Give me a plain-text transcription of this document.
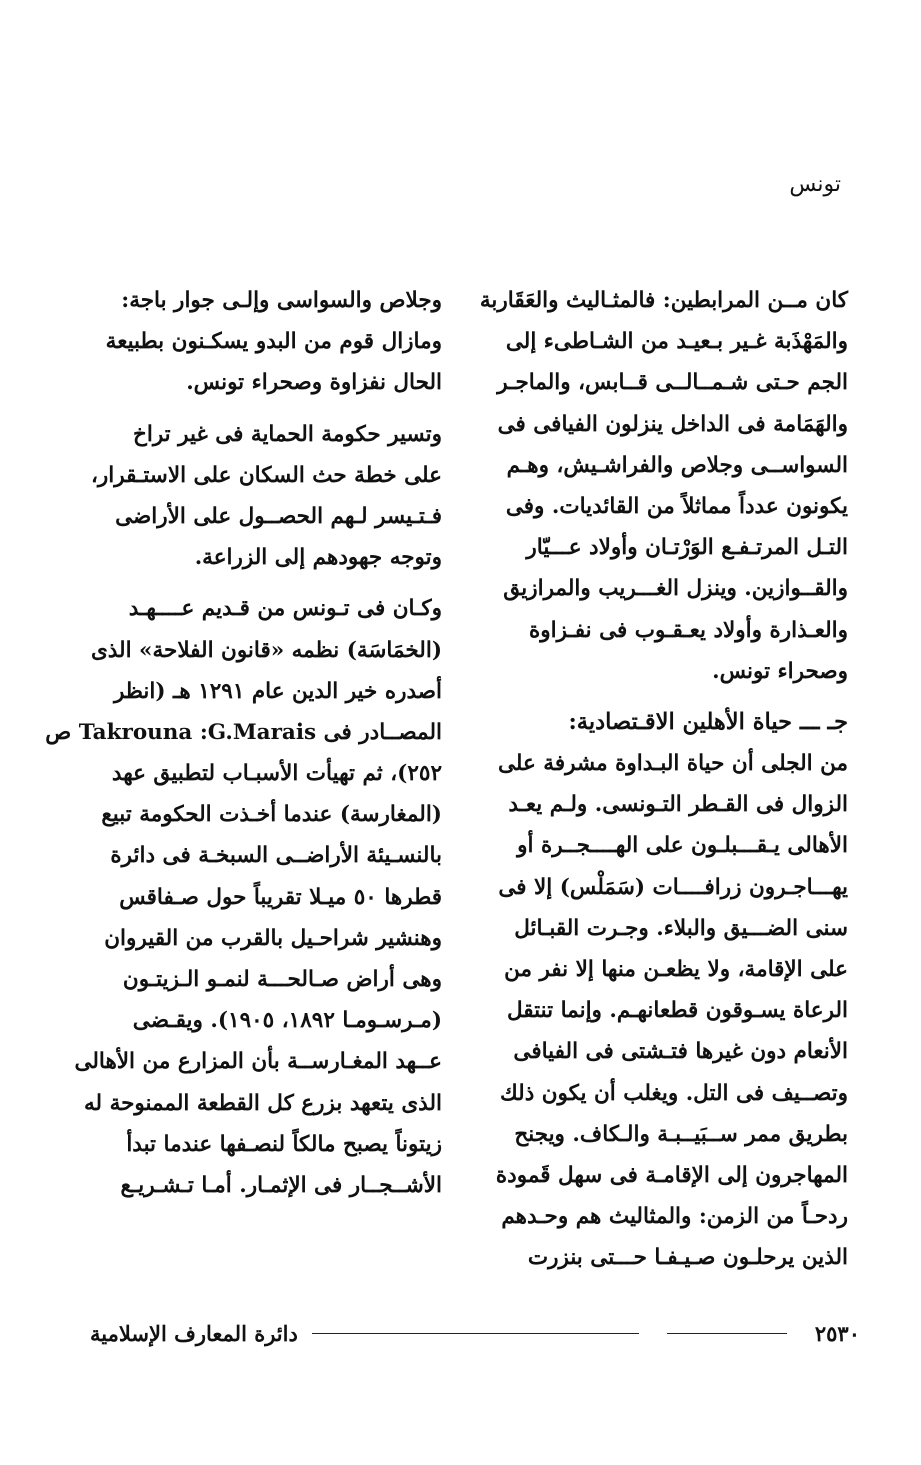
تونس
كان مــن المرابطين: فالمثـاليث والعَقَاربة
والمَهْذَبة غـير بـعيـد من الشـاطىء إلى
الجم حـتى شـمــالــى قــابس، والماجـر
والهَمَامة فى الداخل ينزلون الفيافى فى
السواســى وجلاص والفراشـيش، وهـم
يكونون عدداً مماثلاً من القائديات. وفى
التـل المرتـفـع الوَرْتـان وأولاد عـــيّار
والقــوازين. وينزل الغـــريب والمرازيق
والعـذارة وأولاد يعـقـوب فى نفـزاوة
وصحراء تونس.
جـ ـــ حياة الأهلين الاقـتصادية:
من الجلى أن حياة البـداوة مشرفة على
الزوال فى القـطر التـونسى. ولـم يعـد
الأهالى يـقـــبلـون على الهــــجــرة أو
يهـــاجـرون زرافــــات (سَمَلْس) إلا فى
سنى الضـــيق والبلاء. وجـرت القبـائل
على الإقامة، ولا يظعـن منها إلا نفر من
الرعاة يسـوقون قطعانهـم. وإنما تنتقل
الأنعام دون غيرها فتـشتى فى الفيافى
وتصــيف فى التل. ويغلب أن يكون ذلك
بطريق ممر ســبَيــبـة والـكاف. ويجنح
المهاجرون إلى الإقامـة فى سهل قَمودة
ردحـاً من الزمن: والمثاليث هم وحـدهم
الذين يرحلـون صـيـفـا حـــتى بنزرت
وجلاص والسواسى وإلـى جوار باجة:
ومازال قوم من البدو يسكـنون بطبيعة
الحال نفزاوة وصحراء تونس.
وتسير حكومة الحماية فى غير تراخ
على خطة حث السكان على الاستـقرار،
فـتـيسر لـهم الحصــول على الأراضى
وتوجه جهودهم إلى الزراعة.
وكـان فى تـونس من قـديم عــــهـد
(الخمَاسَة) نظمه «قانون الفلاحة» الذى
أصدره خير الدين عام ١٢٩١ هـ (انظر
المصــادر فى Takrouna :G.Marais ص
٢٥٢)، ثم تهيأت الأسبـاب لتطبيق عهد
(المغارسة) عندما أخـذت الحكومة تبيع
بالنسـيئة الأراضــى السبخـة فى دائرة
قطرها ٥٠ ميـلا تقريباً حول صـفاقس
وهنشير شراحـيل بالقرب من القيروان
وهى أراض صـالحـــة لنمـو الـزيتـون
(مـرسـومـا ١٨٩٢، ١٩٠٥). ويقـضى
عــهد المغـارســة بأن المزارع من الأهالى
الذى يتعهد بزرع كل القطعة الممنوحة له
زيتوناً يصبح مالكاً لنصـفها عندما تبدأ
الأشــجــار فى الإثمـار. أمـا تـشـريـع
٢٥٣٠
دائرة المعارف الإسلامية
